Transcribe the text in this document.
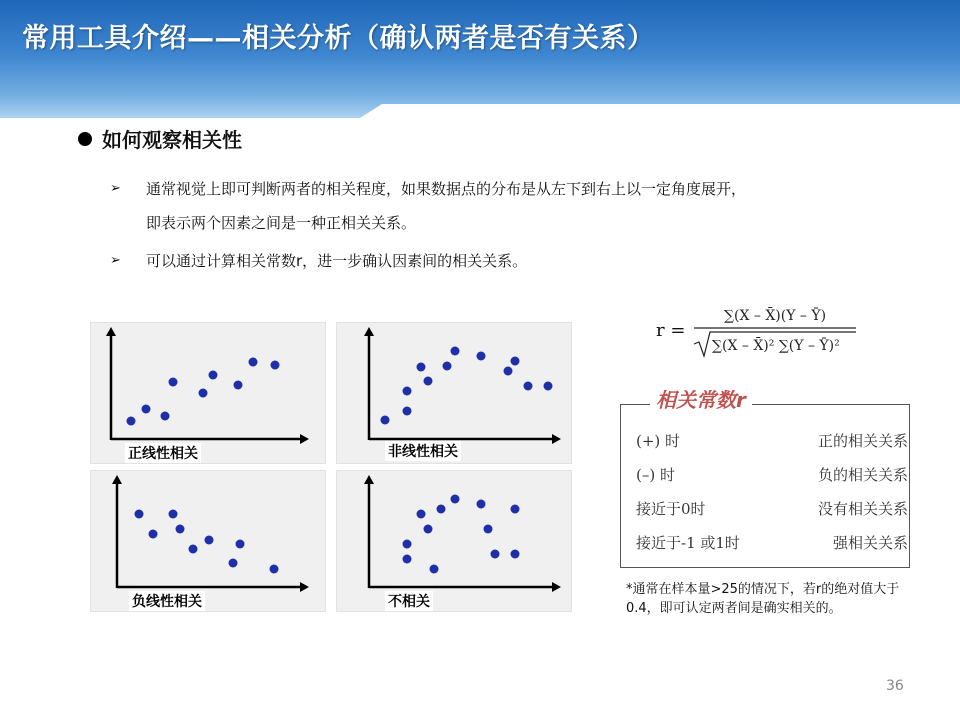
常用工具介绍——相关分析（确认两者是否有关系）
如何观察相关性
➢ 通常视觉上即可判断两者的相关程度，如果数据点的分布是从左下到右上以一定角度展开，
即表示两个因素之间是一种正相关关系。
➢ 可以通过计算相关常数r，进一步确认因素间的相关关系。
正线性相关	非线性相关
负线性相关	不相关
r =
∑(X – X̄)(Y – Ȳ)
∑(X – X̄)² ∑(Y – Ȳ)²
相关常数r
(+) 时	正的相关关系
(–) 时	负的相关关系
接近于0时	没有相关关系
接近于-1 或1时	强相关关系
*通常在样本量>25的情况下，若r的绝对值大于0.4，即可认定两者间是确实相关的。
36
